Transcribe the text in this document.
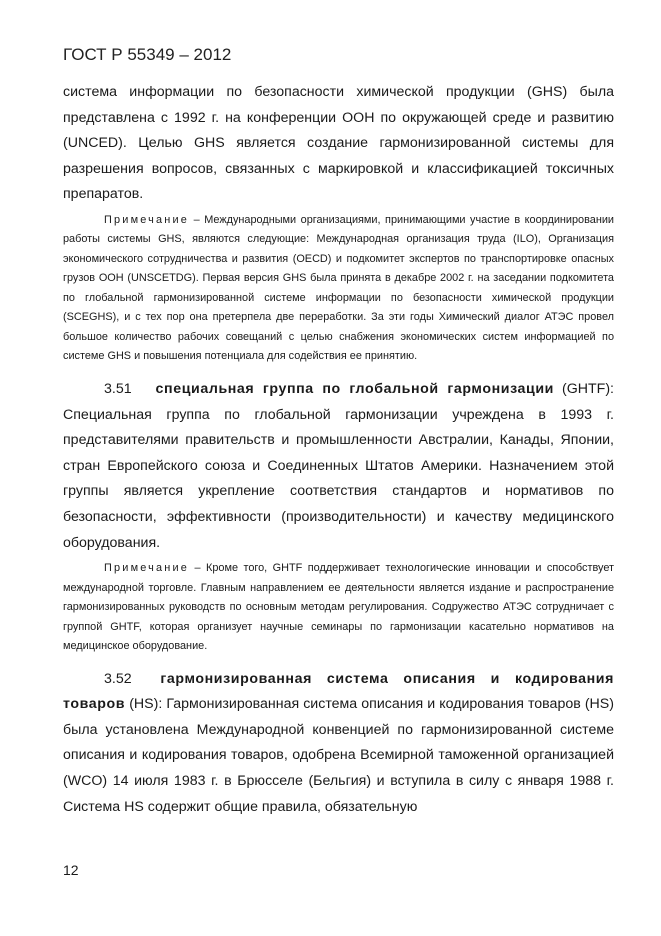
ГОСТ Р 55349 – 2012

система информации по безопасности химической продукции (GHS) была представлена с 1992 г. на конференции ООН по окружающей среде и развитию (UNCED). Целью GHS является создание гармонизированной системы для разрешения вопросов, связанных с маркировкой и классификацией токсичных препаратов.

Примечание – Международными организациями, принимающими участие в координировании работы системы GHS, являются следующие: Международная организация труда (ILO), Организация экономического сотрудничества и развития (OECD) и подкомитет экспертов по транспортировке опасных грузов ООН (UNSCETDG). Первая версия GHS была принята в декабре 2002 г. на заседании подкомитета по глобальной гармонизированной системе информации по безопасности химической продукции (SCEGHS), и с тех пор она претерпела две переработки. За эти годы Химический диалог АТЭС провел большое количество рабочих совещаний с целью снабжения экономических систем информацией по системе GHS и повышения потенциала для содействия ее принятию.

3.51 специальная группа по глобальной гармонизации (GHTF): Специальная группа по глобальной гармонизации учреждена в 1993 г. представителями правительств и промышленности Австралии, Канады, Японии, стран Европейского союза и Соединенных Штатов Америки. Назначением этой группы является укрепление соответствия стандартов и нормативов по безопасности, эффективности (производительности) и качеству медицинского оборудования.

Примечание – Кроме того, GHTF поддерживает технологические инновации и способствует международной торговле. Главным направлением ее деятельности является издание и распространение гармонизированных руководств по основным методам регулирования. Содружество АТЭС сотрудничает с группой GHTF, которая организует научные семинары по гармонизации касательно нормативов на медицинское оборудование.

3.52 гармонизированная система описания и кодирования товаров (HS): Гармонизированная система описания и кодирования товаров (HS) была установлена Международной конвенцией по гармонизированной системе описания и кодирования товаров, одобрена Всемирной таможенной организацией (WCO) 14 июля 1983 г. в Брюсселе (Бельгия) и вступила в силу с января 1988 г. Система HS содержит общие правила, обязательную

12
